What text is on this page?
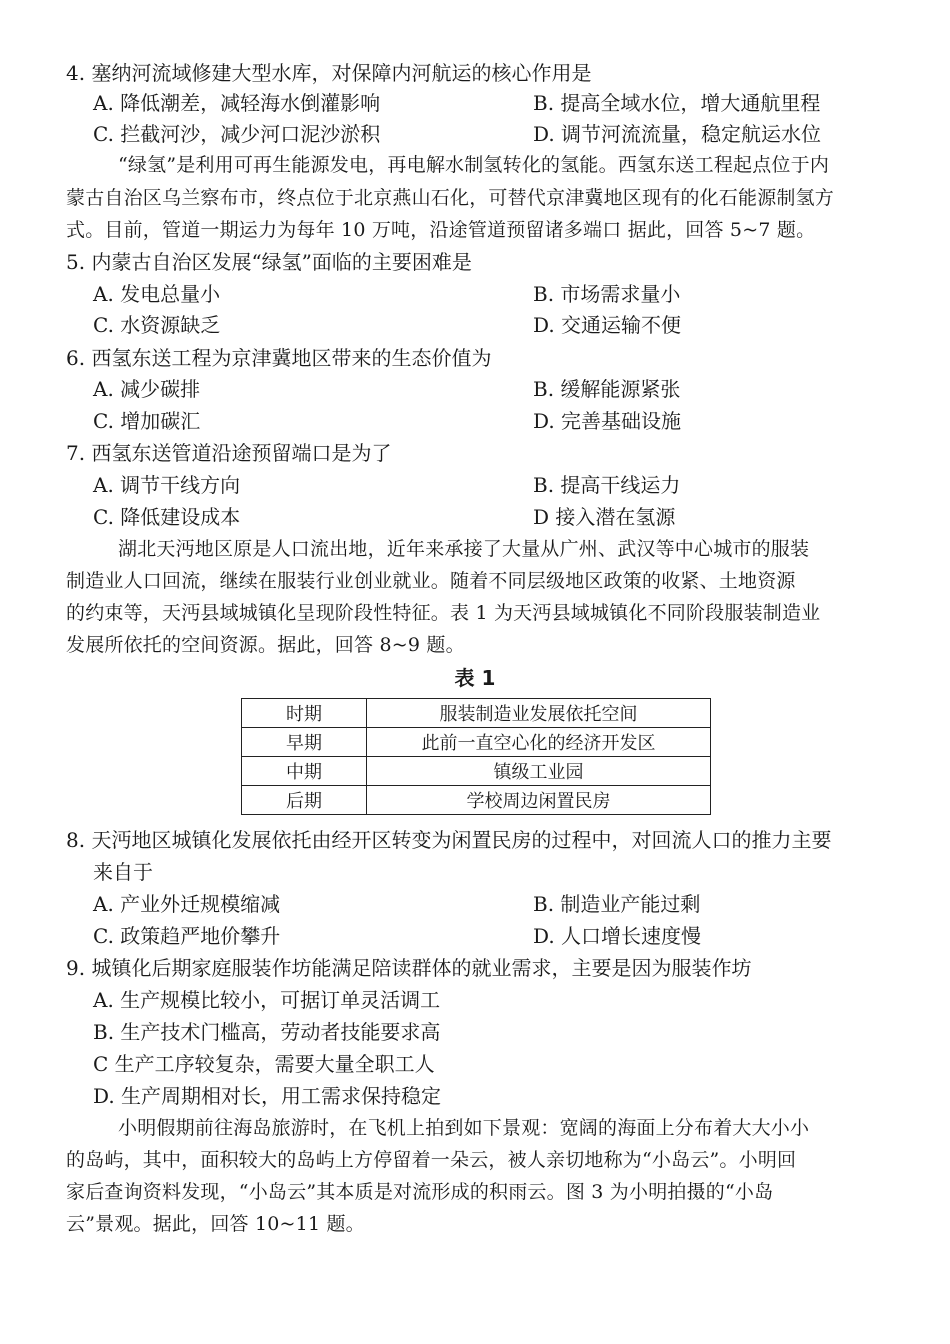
4. 塞纳河流域修建大型水库，对保障内河航运的核心作用是
A. 降低潮差，减轻海水倒灌影响	B. 提高全域水位，增大通航里程
C. 拦截河沙，减少河口泥沙淤积	D. 调节河流流量，稳定航运水位
“绿氢”是利用可再生能源发电，再电解水制氢转化的氢能。西氢东送工程起点位于内
蒙古自治区乌兰察布市，终点位于北京燕山石化，可替代京津冀地区现有的化石能源制氢方
式。目前，管道一期运力为每年 10 万吨，沿途管道预留诸多端口 据此，回答 5~7 题。
5. 内蒙古自治区发展“绿氢”面临的主要困难是
A. 发电总量小	B. 市场需求量小
C. 水资源缺乏	D. 交通运输不便
6. 西氢东送工程为京津冀地区带来的生态价值为
A. 减少碳排	B. 缓解能源紧张
C. 增加碳汇	D. 完善基础设施
7. 西氢东送管道沿途预留端口是为了
A. 调节干线方向	B. 提高干线运力
C. 降低建设成本	D 接入潜在氢源
湖北天沔地区原是人口流出地，近年来承接了大量从广州、武汉等中心城市的服装
制造业人口回流，继续在服装行业创业就业。随着不同层级地区政策的收紧、土地资源
的约束等，天沔县域城镇化呈现阶段性特征。表 1 为天沔县域城镇化不同阶段服装制造业
发展所依托的空间资源。据此，回答 8~9 题。
表 1
时期	服装制造业发展依托空间
早期	此前一直空心化的经济开发区
中期	镇级工业园
后期	学校周边闲置民房
8. 天沔地区城镇化发展依托由经开区转变为闲置民房的过程中，对回流人口的推力主要
来自于
A. 产业外迁规模缩减	B. 制造业产能过剩
C. 政策趋严地价攀升	D. 人口增长速度慢
9. 城镇化后期家庭服装作坊能满足陪读群体的就业需求，主要是因为服装作坊
A. 生产规模比较小，可据订单灵活调工
B. 生产技术门槛高，劳动者技能要求高
C 生产工序较复杂，需要大量全职工人
D. 生产周期相对长，用工需求保持稳定
小明假期前往海岛旅游时，在飞机上拍到如下景观：宽阔的海面上分布着大大小小
的岛屿，其中，面积较大的岛屿上方停留着一朵云，被人亲切地称为“小岛云”。小明回
家后查询资料发现，“小岛云”其本质是对流形成的积雨云。图 3 为小明拍摄的“小岛
云”景观。据此，回答 10~11 题。
